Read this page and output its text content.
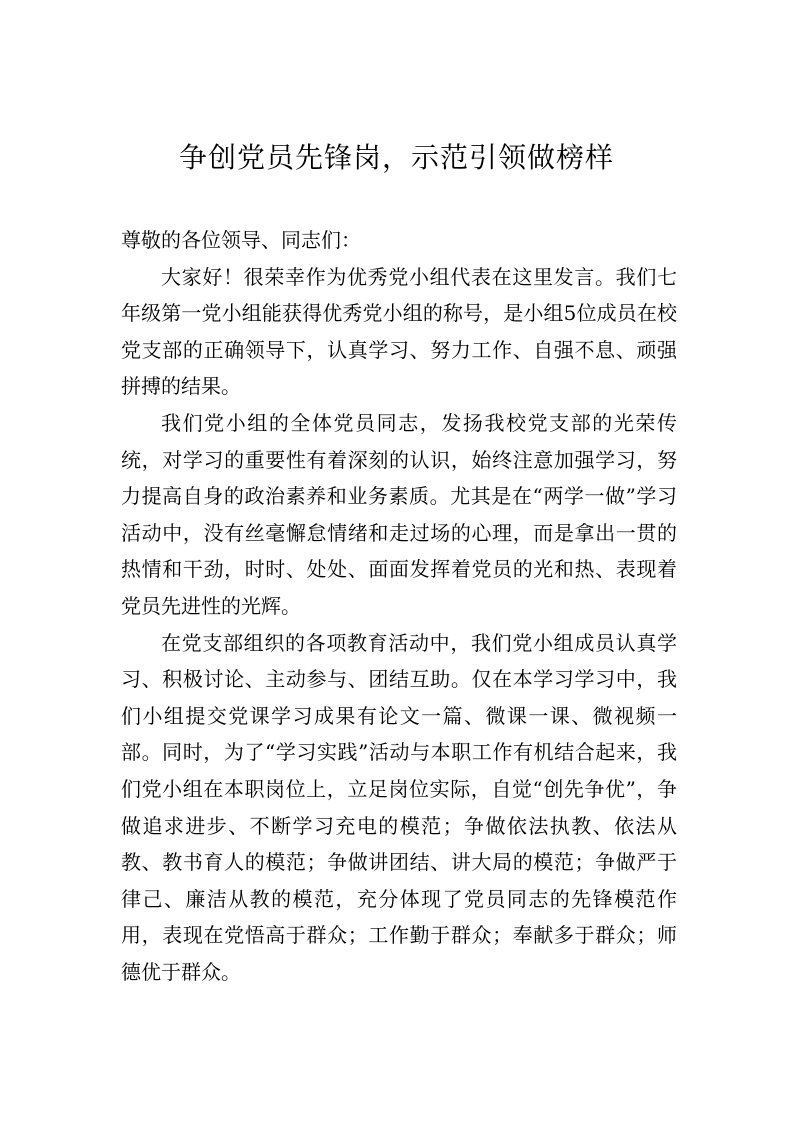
争创党员先锋岗，示范引领做榜样

尊敬的各位领导、同志们：

大家好！很荣幸作为优秀党小组代表在这里发言。我们七年级第一党小组能获得优秀党小组的称号，是小组5位成员在校党支部的正确领导下，认真学习、努力工作、自强不息、顽强拼搏的结果。

我们党小组的全体党员同志，发扬我校党支部的光荣传统，对学习的重要性有着深刻的认识，始终注意加强学习，努力提高自身的政治素养和业务素质。尤其是在“两学一做”学习活动中，没有丝毫懈怠情绪和走过场的心理，而是拿出一贯的热情和干劲，时时、处处、面面发挥着党员的光和热、表现着党员先进性的光辉。

在党支部组织的各项教育活动中，我们党小组成员认真学习、积极讨论、主动参与、团结互助。仅在本学习学习中，我们小组提交党课学习成果有论文一篇、微课一课、微视频一部。同时，为了“学习实践”活动与本职工作有机结合起来，我们党小组在本职岗位上，立足岗位实际，自觉“创先争优”，争做追求进步、不断学习充电的模范；争做依法执教、依法从教、教书育人的模范；争做讲团结、讲大局的模范；争做严于律己、廉洁从教的模范，充分体现了党员同志的先锋模范作用，表现在党悟高于群众；工作勤于群众；奉献多于群众；师德优于群众。
